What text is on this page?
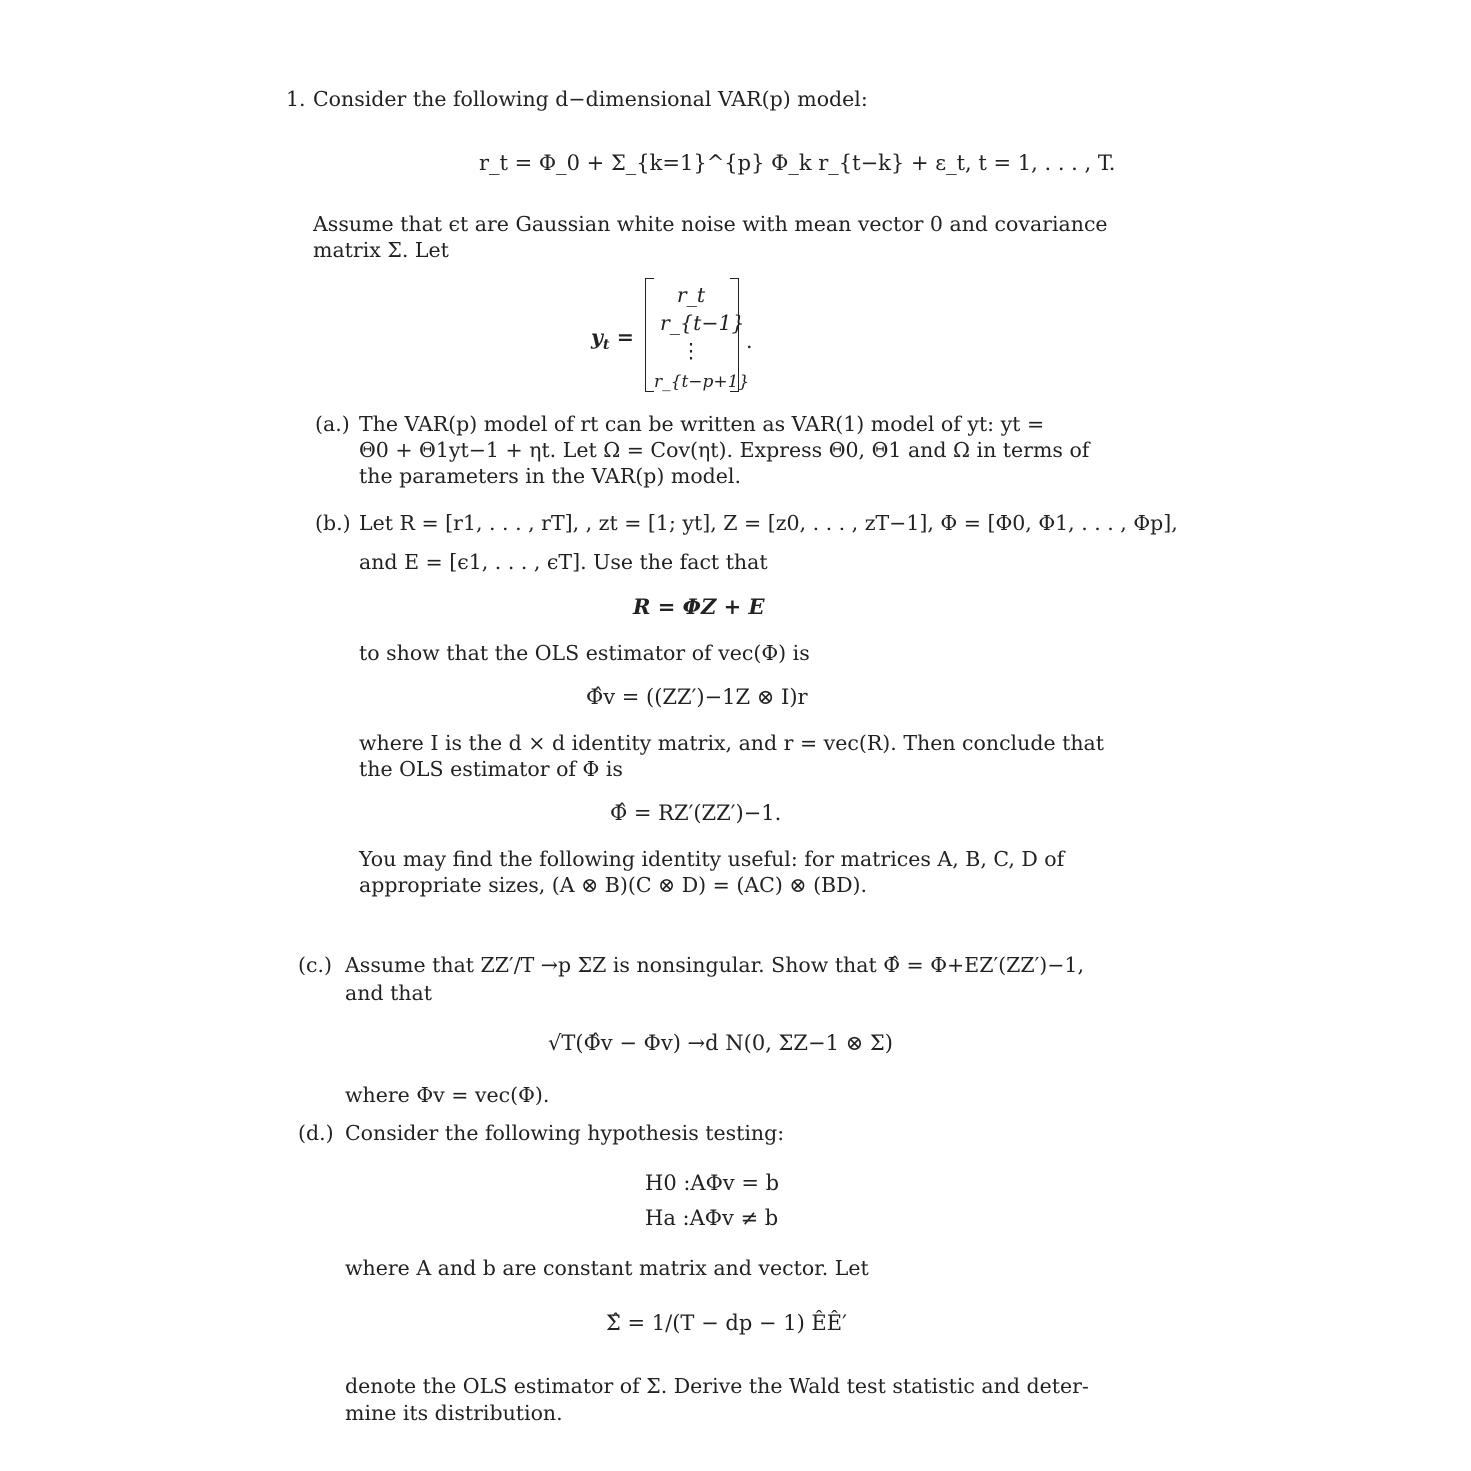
1. Consider the following d−dimensional VAR(p) model:
r_t = Φ_0 + Σ_{k=1}^{p} Φ_k r_{t−k} + ε_t, t = 1, . . . , T.
Assume that ϵt are Gaussian white noise with mean vector 0 and covariance
matrix Σ. Let
$y_t$ =
r_t
r_{t−1}
⋮
r_{t−p+1}
.
(a.) The VAR(p) model of rt can be written as VAR(1) model of yt: yt =
Θ0 + Θ1yt−1 + ηt. Let Ω = Cov(ηt). Express Θ0, Θ1 and Ω in terms of
the parameters in the VAR(p) model.
(b.) Let R = [r1, . . . , rT], , zt = [1; yt], Z = [z0, . . . , zT−1], Φ = [Φ0, Φ1, . . . , Φp],
and E = [ϵ1, . . . , ϵT]. Use the fact that
R = ΦZ + E
to show that the OLS estimator of vec(Φ) is
Φ̂v = ((ZZ′)−1Z ⊗ I)r
where I is the d × d identity matrix, and r = vec(R). Then conclude that
the OLS estimator of Φ is
Φ̂ = RZ′(ZZ′)−1.
You may find the following identity useful: for matrices A, B, C, D of
appropriate sizes, (A ⊗ B)(C ⊗ D) = (AC) ⊗ (BD).
(c.) Assume that ZZ′/T →p ΣZ is nonsingular. Show that Φ̂ = Φ+EZ′(ZZ′)−1,
and that
√T(Φ̂v − Φv) →d N(0, ΣZ−1 ⊗ Σ)
where Φv = vec(Φ).
(d.) Consider the following hypothesis testing:
H0 :AΦv = b
Ha :AΦv ≠ b
where A and b are constant matrix and vector. Let
Σ̂ = 1/(T − dp − 1) ÊÊ′
denote the OLS estimator of Σ. Derive the Wald test statistic and deter-
mine its distribution.
